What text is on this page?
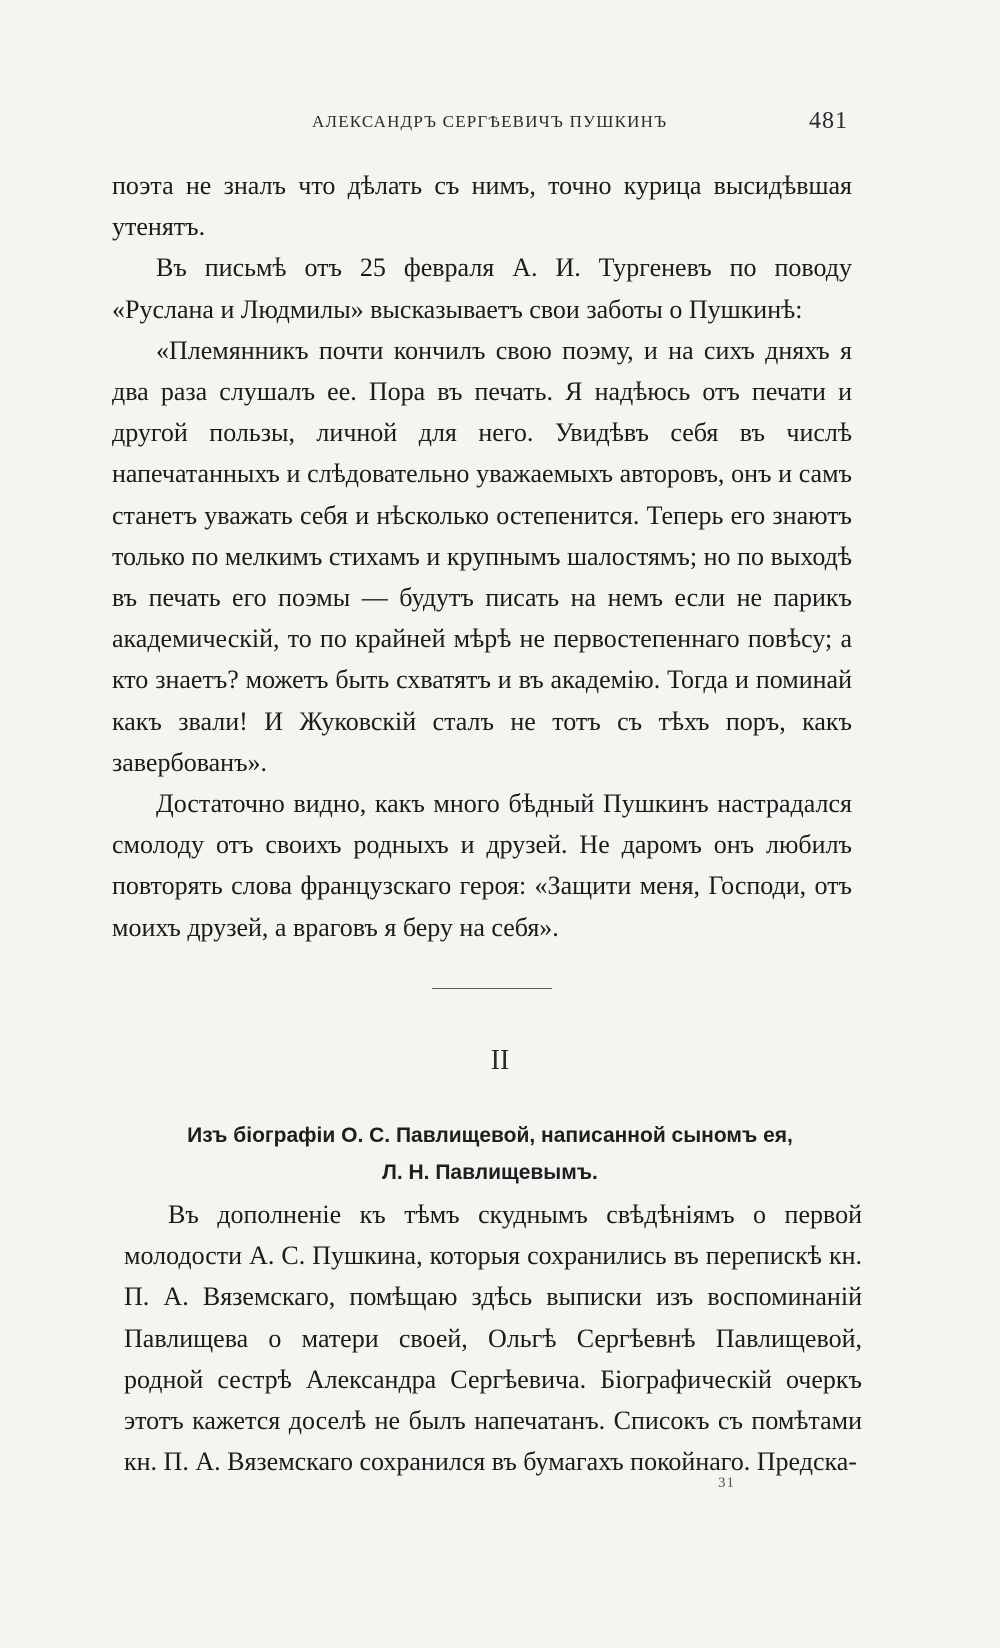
АЛЕКСАНДРЪ СЕРГѢЕВИЧЪ ПУШКИНЪ	481

поэта не зналъ что дѣлать съ нимъ, точно курица высидѣвшая утенятъ.

Въ письмѣ отъ 25 февраля А. И. Тургеневъ по поводу «Руслана и Людмилы» высказываетъ свои заботы о Пушкинѣ:

«Племянникъ почти кончилъ свою поэму, и на сихъ дняхъ я два раза слушалъ ее. Пора въ печать. Я надѣюсь отъ печати и другой пользы, личной для него. Увидѣвъ себя въ числѣ напечатанныхъ и слѣдовательно уважаемыхъ авторовъ, онъ и самъ станетъ уважать себя и нѣсколько остепенится. Теперь его знаютъ только по мелкимъ стихамъ и крупнымъ шалостямъ; но по выходѣ въ печать его поэмы — будутъ писать на немъ если не парикъ академическій, то по крайней мѣрѣ не первостепеннаго повѣсу; а кто знаетъ? можетъ быть схватятъ и въ академію. Тогда и поминай какъ звали! И Жуковскій сталъ не тотъ съ тѣхъ поръ, какъ завербованъ».

Достаточно видно, какъ много бѣдный Пушкинъ настрадался смолоду отъ своихъ родныхъ и друзей. Не даромъ онъ любилъ повторять слова французскаго героя: «Защити меня, Господи, отъ моихъ друзей, а враговъ я беру на себя».

II
Изъ біографіи О. С. Павлищевой, написанной сыномъ ея,
Л. Н. Павлищевымъ.

Въ дополненіе къ тѣмъ скуднымъ свѣдѣніямъ о первой молодости А. С. Пушкина, которыя сохранились въ перепискѣ кн. П. А. Вяземскаго, помѣщаю здѣсь выписки изъ воспоминаній Павлищева о матери своей, Ольгѣ Сергѣевнѣ Павлищевой, родной сестрѣ Александра Сергѣевича. Біографическій очеркъ этотъ кажется доселѣ не былъ напечатанъ. Списокъ съ помѣтами кн. П. А. Вяземскаго сохранился въ бумагахъ покойнаго. Предска-

31
